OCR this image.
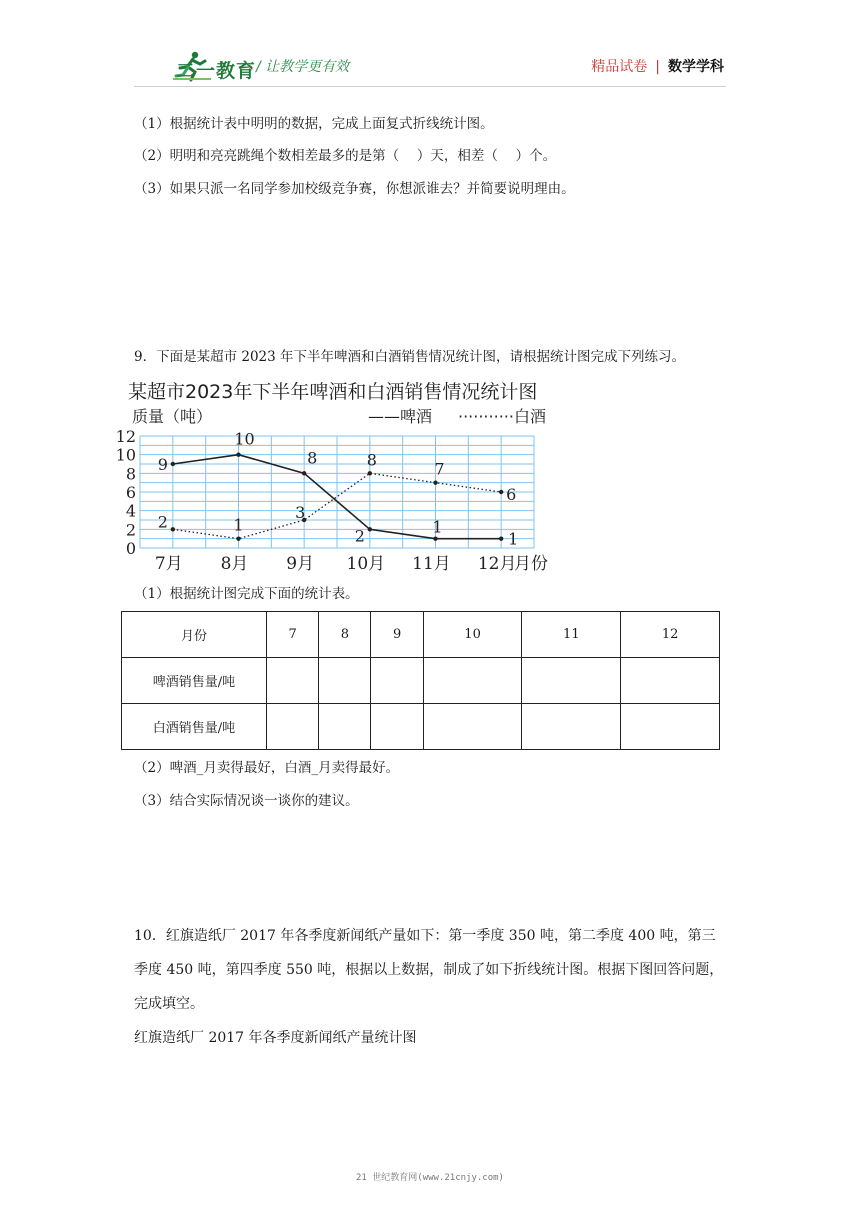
二一教育 / 让教学更有效	精品试卷 | 数学学科
（1）根据统计表中明明的数据，完成上面复式折线统计图。
（2）明明和亮亮跳绳个数相差最多的是第（　 ）天，相差（　 ）个。
（3）如果只派一名同学参加校级竞争赛，你想派谁去？并简要说明理由。
9．下面是某超市 2023 年下半年啤酒和白酒销售情况统计图，请根据统计图完成下列练习。
某超市2023年下半年啤酒和白酒销售情况统计图
质量（吨）	——啤酒 ···········白酒
0
2
4
6
8
10
12
7月 8月 9月 10月 11月 12月
9
10
8
2	1
1
2	1
3
8	7
6
月份
（1）根据统计图完成下面的统计表。
月份	7	8	9	10	11	12
啤酒销售量/吨						
白酒销售量/吨						
（2）啤酒_月卖得最好，白酒_月卖得最好。
（3）结合实际情况谈一谈你的建议。
10．红旗造纸厂 2017 年各季度新闻纸产量如下：第一季度 350 吨，第二季度 400 吨，第三
季度 450 吨，第四季度 550 吨，根据以上数据，制成了如下折线统计图。根据下图回答问题，
完成填空。
红旗造纸厂 2017 年各季度新闻纸产量统计图
21 世纪教育网(www.21cnjy.com)
